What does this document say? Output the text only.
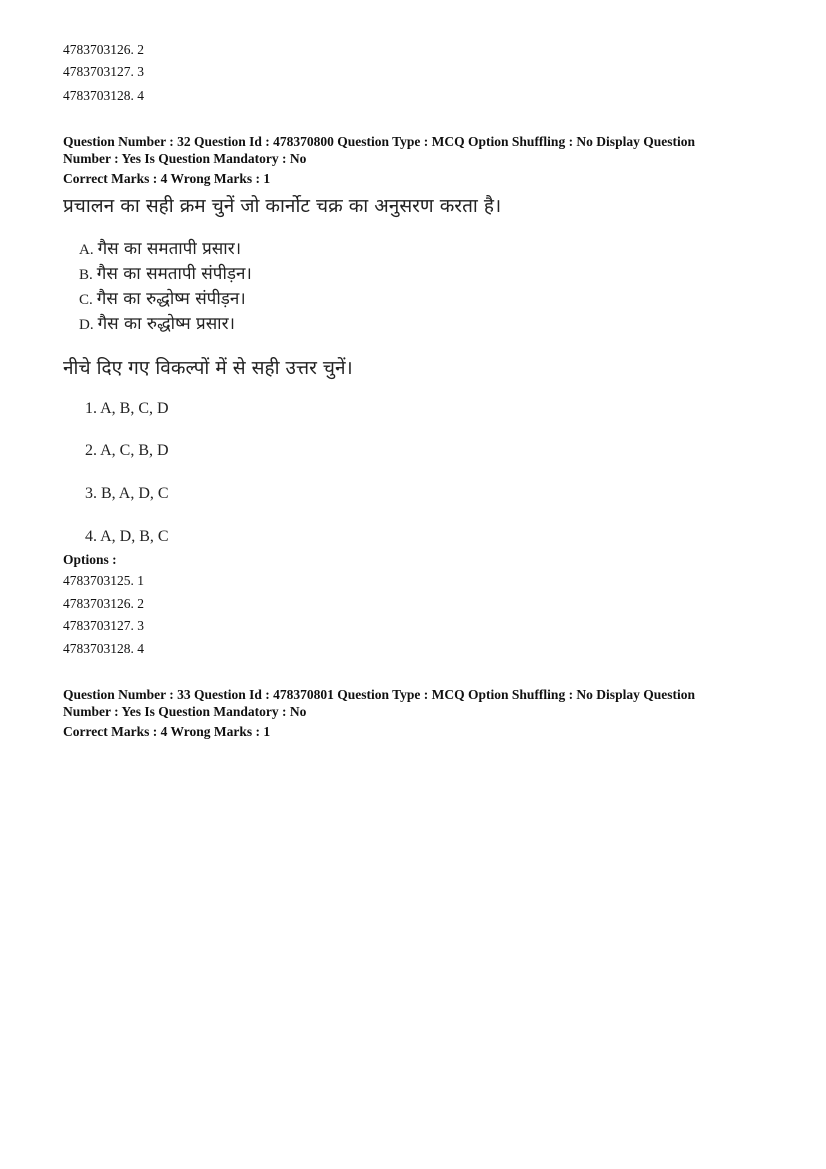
4783703126. 2
4783703127. 3
4783703128. 4
Question Number : 32 Question Id : 478370800 Question Type : MCQ Option Shuffling : No Display Question
Number : Yes Is Question Mandatory : No
Correct Marks : 4 Wrong Marks : 1
प्रचालन का सही क्रम चुनें जो कार्नोट चक्र का अनुसरण करता है।
A. गैस का समतापी प्रसार।
B. गैस का समतापी संपीड़न।
C. गैस का रुद्धोष्म संपीड़न।
D. गैस का रुद्धोष्म प्रसार।
नीचे दिए गए विकल्पों में से सही उत्तर चुनें।
1. A, B, C, D
2. A, C, B, D
3. B, A, D, C
4. A, D, B, C
Options :
4783703125. 1
4783703126. 2
4783703127. 3
4783703128. 4
Question Number : 33 Question Id : 478370801 Question Type : MCQ Option Shuffling : No Display Question
Number : Yes Is Question Mandatory : No
Correct Marks : 4 Wrong Marks : 1
